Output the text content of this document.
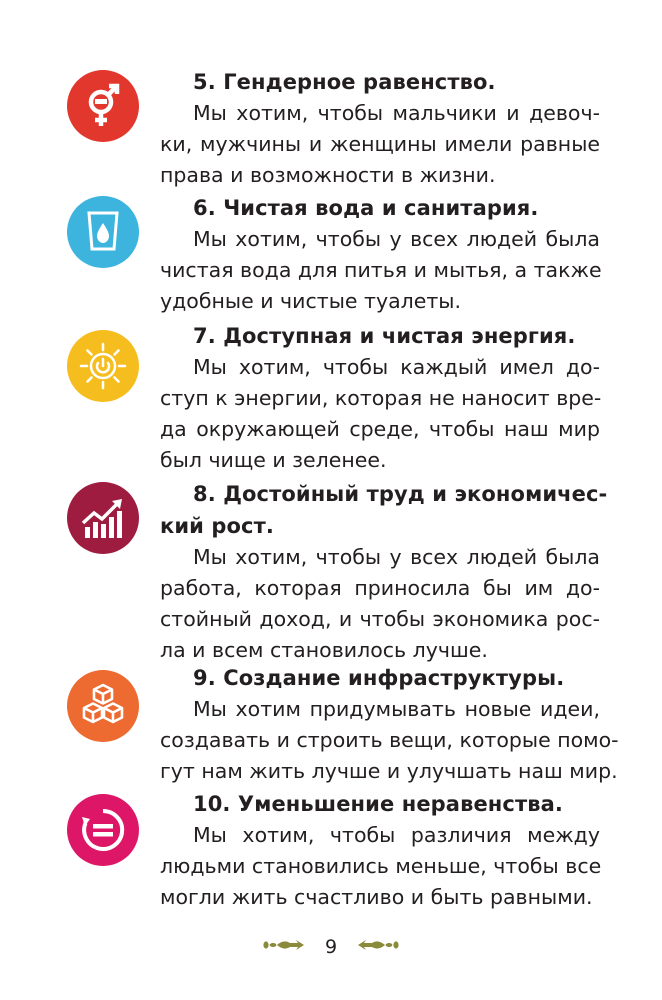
5. Гендерное равенство.
Мы хотим, чтобы мальчики и девоч-
ки, мужчины и женщины имели равные
права и возможности в жизни.
6. Чистая вода и санитария.
Мы хотим, чтобы у всех людей была
чистая вода для питья и мытья, а также
удобные и чистые туалеты.
7. Доступная и чистая энергия.
Мы хотим, чтобы каждый имел до-
ступ к энергии, которая не наносит вре-
да окружающей среде, чтобы наш мир
был чище и зеленее.
8. Достойный труд и экономичес-
кий рост.
Мы хотим, чтобы у всех людей была
работа, которая приносила бы им до-
стойный доход, и чтобы экономика рос-
ла и всем становилось лучше.
9. Создание инфраструктуры.
Мы хотим придумывать новые идеи,
создавать и строить вещи, которые помо-
гут нам жить лучше и улучшать наш мир.
10. Уменьшение неравенства.
Мы хотим, чтобы различия между
людьми становились меньше, чтобы все
могли жить счастливо и быть равными.
9
